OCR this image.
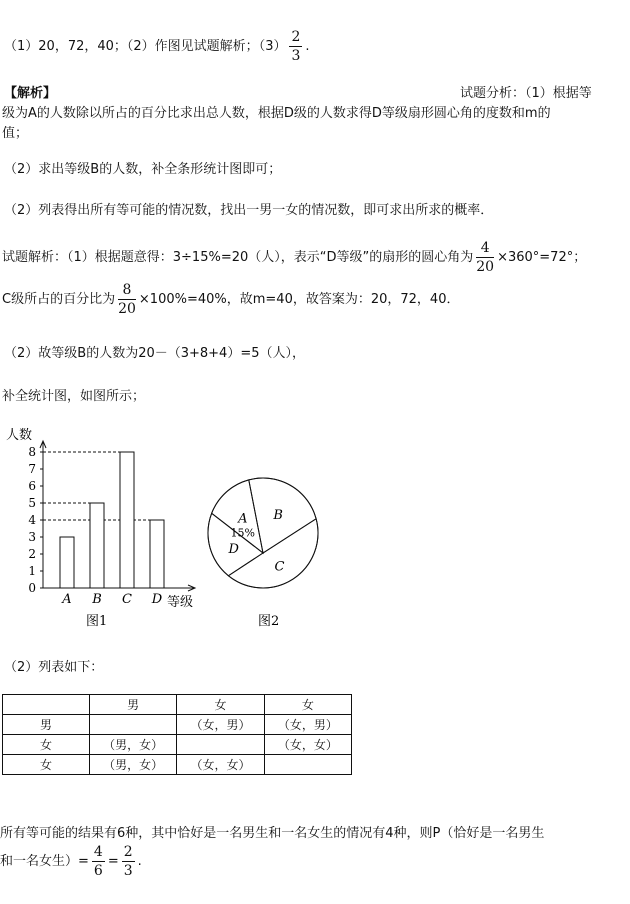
（1）20，72，40；（2）作图见试题解析；$(3) \frac{2}{3}$ .
【解析】	试题分析：（1）根据等
级为A的人数除以所占的百分比求出总人数，根据D级的人数求得D等级扇形圆心角的度数和m的
值；
（2）求出等级B的人数，补全条形统计图即可；
（2）列表得出所有等可能的情况数，找出一男一女的情况数，即可求出所求的概率．
试题解析：（1）根据题意得：3÷15%=20（人），表示“D等级”的扇形的圆心角为 $\frac{4}{20} \times 360^\circ=72^\circ$；
C级所占的百分比为 $\frac{8}{20} \times 100\%=40\%$，故m=40，故答案为：20，72，40．
（2）故等级B的人数为20－（3+8+4）=5（人），
补全统计图，如图所示；
0
1
2
3
4
5
6
7
8
A B C D
人数
等级
图1
C
D
A
15%
B
图2
（2）列表如下：
	男	女	女
男		（女，男）	（女，男）
女	（男，女）		（女，女）
女	（男，女）	（女，女）	
所有等可能的结果有6种，其中恰好是一名男生和一名女生的情况有4种，则P（恰好是一名男生
和一名女生）= $\frac{4}{6} = \frac{2}{3}$ .
